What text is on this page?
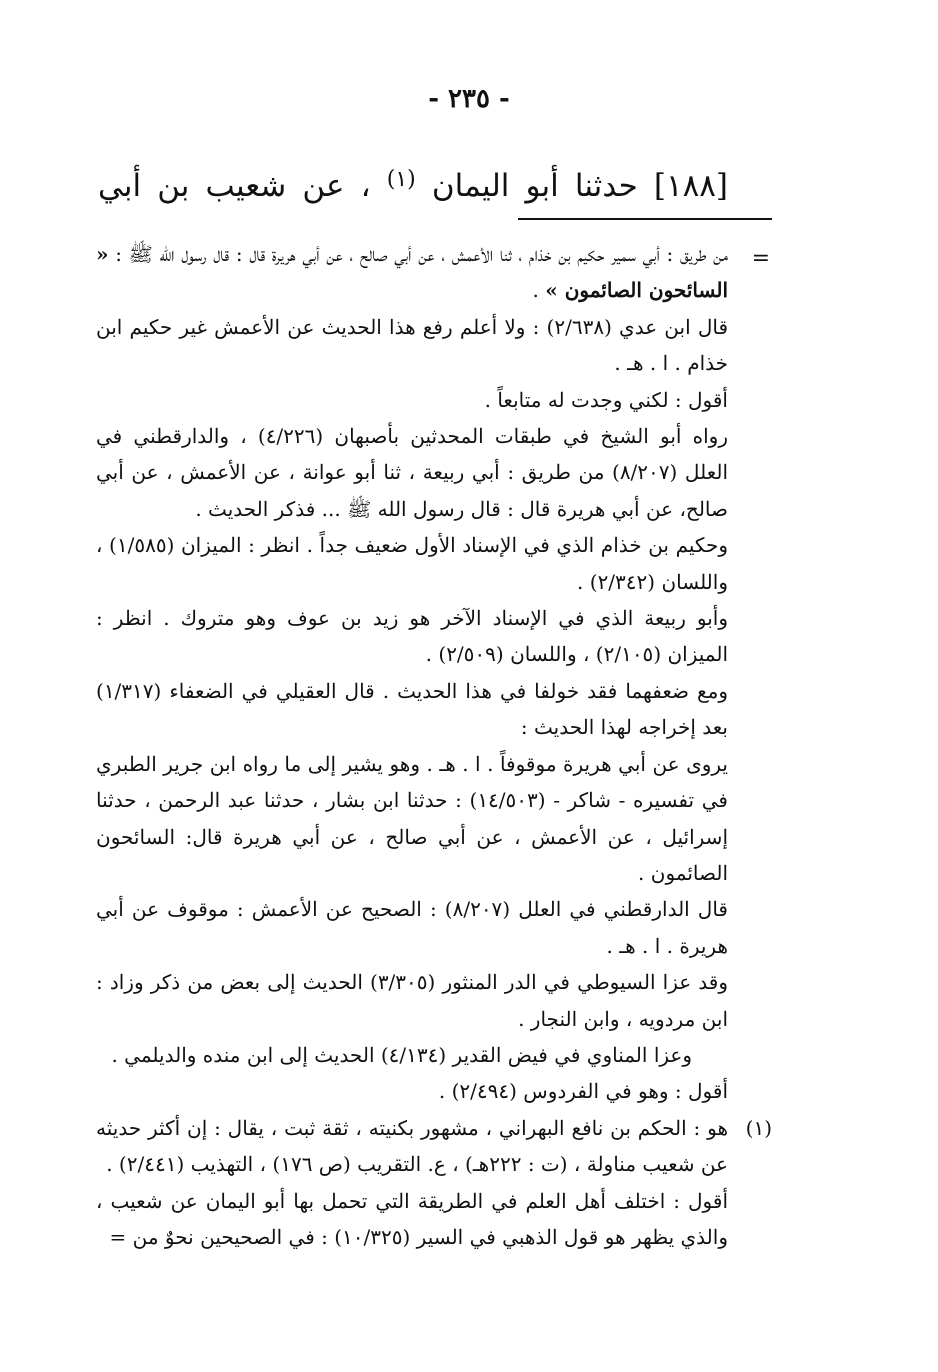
- ٢٣٥ -
[١٨٨] حدثنا أبو اليمان $^{(١)}$ ، عن شعيب بن أبي
=

من طريق : أبي سمير حكيم بن خذام ، ثنا الأعمش ، عن أبي صالح ، عن أبي هريرة قال : قال رسول الله ﷺ : « السائحون الصائمون » .

قال ابن عدي (٢/٦٣٨) : ولا أعلم رفع هذا الحديث عن الأعمش غير حكيم ابن خذام . ا . هـ .

أقول : لكني وجدت له متابعاً .

رواه أبو الشيخ في طبقات المحدثين بأصبهان (٤/٢٢٦) ، والدارقطني في العلل (٨/٢٠٧) من طريق : أبي ربيعة ، ثنا أبو عوانة ، عن الأعمش ، عن أبي صالح، عن أبي هريرة قال : قال رسول الله ﷺ ... فذكر الحديث .

وحكيم بن خذام الذي في الإسناد الأول ضعيف جداً . انظر : الميزان (١/٥٨٥) ، واللسان (٢/٣٤٢) .

وأبو ربيعة الذي في الإسناد الآخر هو زيد بن عوف وهو متروك . انظر : الميزان (٢/١٠٥) ، واللسان (٢/٥٠٩) .

ومع ضعفهما فقد خولفا في هذا الحديث . قال العقيلي في الضعفاء (١/٣١٧) بعد إخراجه لهذا الحديث :

يروى عن أبي هريرة موقوفاً . ا . هـ . وهو يشير إلى ما رواه ابن جرير الطبري في تفسيره - شاكر - (١٤/٥٠٣) : حدثنا ابن بشار ، حدثنا عبد الرحمن ، حدثنا إسرائيل ، عن الأعمش ، عن أبي صالح ، عن أبي هريرة قال: السائحون الصائمون .

قال الدارقطني في العلل (٨/٢٠٧) : الصحيح عن الأعمش : موقوف عن أبي هريرة . ا . هـ .

وقد عزا السيوطي في الدر المنثور (٣/٣٠٥) الحديث إلى بعض من ذكر وزاد : ابن مردويه ، وابن النجار .

وعزا المناوي في فيض القدير (٤/١٣٤) الحديث إلى ابن منده والديلمي .

أقول : وهو في الفردوس (٢/٤٩٤) .

(١)

هو : الحكم بن نافع البهراني ، مشهور بكنيته ، ثقة ثبت ، يقال : إن أكثر حديثه عن شعيب مناولة ، (ت : ٢٢٢هـ) ، ع. التقريب (ص ١٧٦) ، التهذيب (٢/٤٤١) .

أقول : اختلف أهل العلم في الطريقة التي تحمل بها أبو اليمان عن شعيب ، والذي يظهر هو قول الذهبي في السير (١٠/٣٢٥) : في الصحيحين نحوٌ من =
